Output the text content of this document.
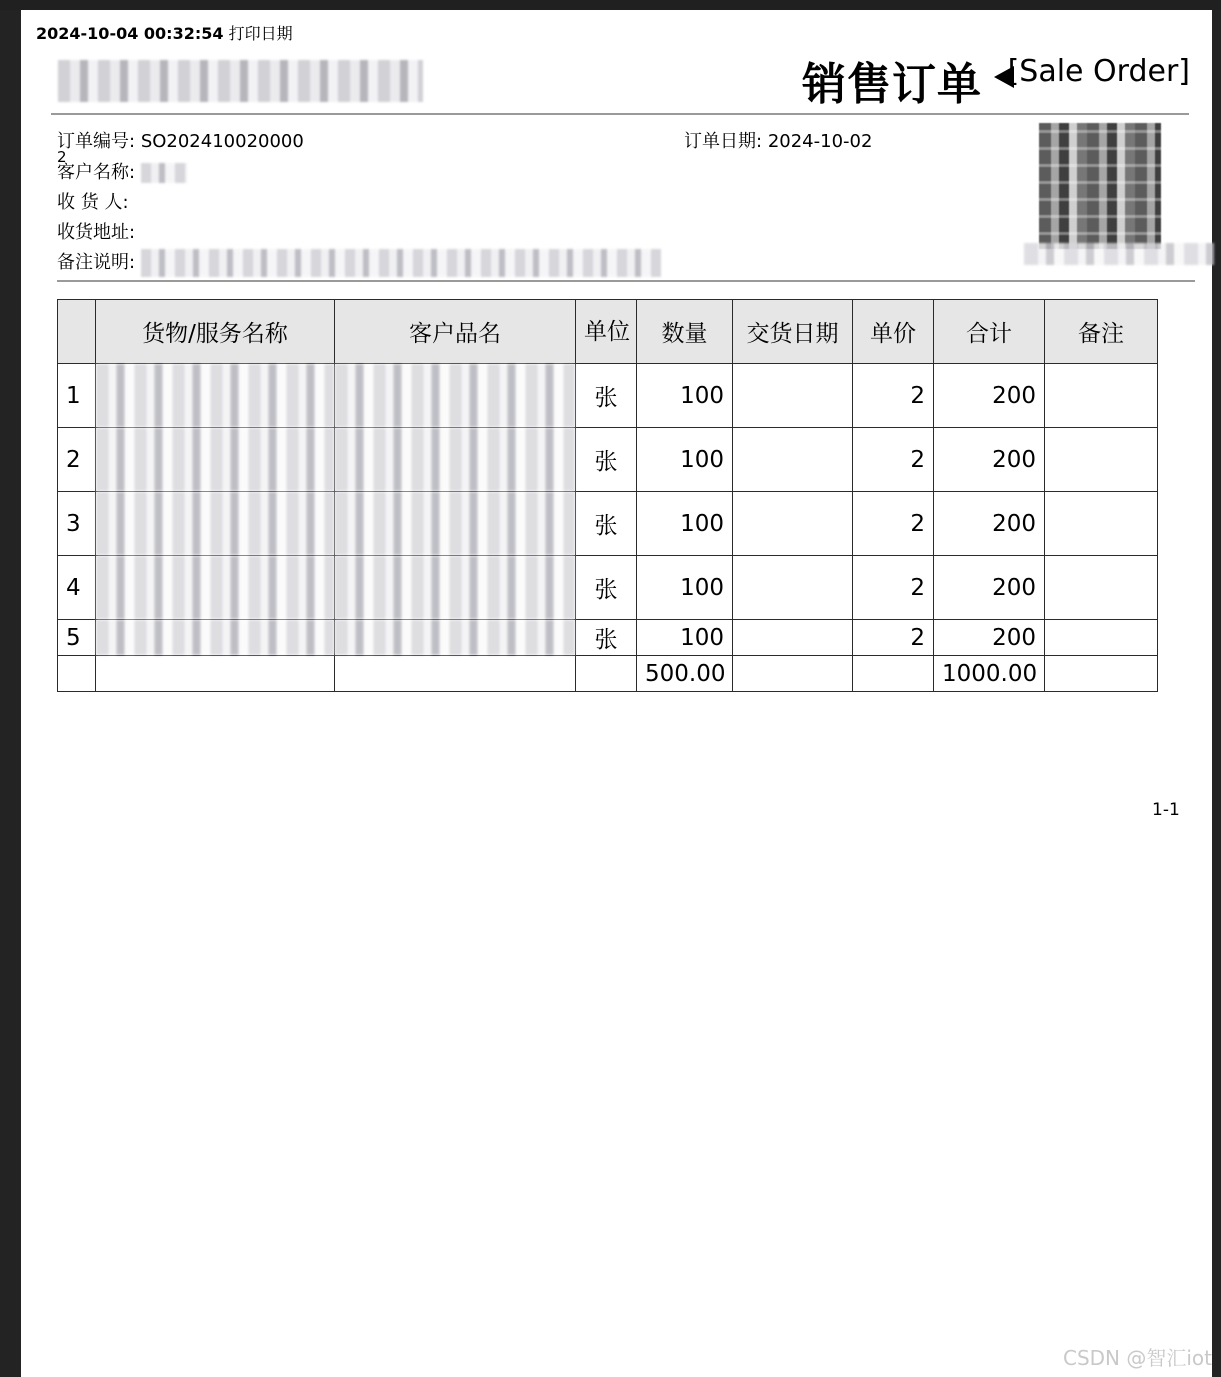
2024-10-04 00:32:54 打印日期
销售订单 [Sale Order]
订单编号: SO202410020000
2
订单日期: 2024-10-02
客户名称:
收 货 人:
收货地址:
备注说明:
	货物/服务名称	客户品名	单位	数量	交货日期	单价	合计	备注
1			张	100		2	200	
2			张	100		2	200	
3			张	100		2	200	
4			张	100		2	200	
5			张	100		2	200	
				500.00			1000.00	
1-1
CSDN @智汇iot
